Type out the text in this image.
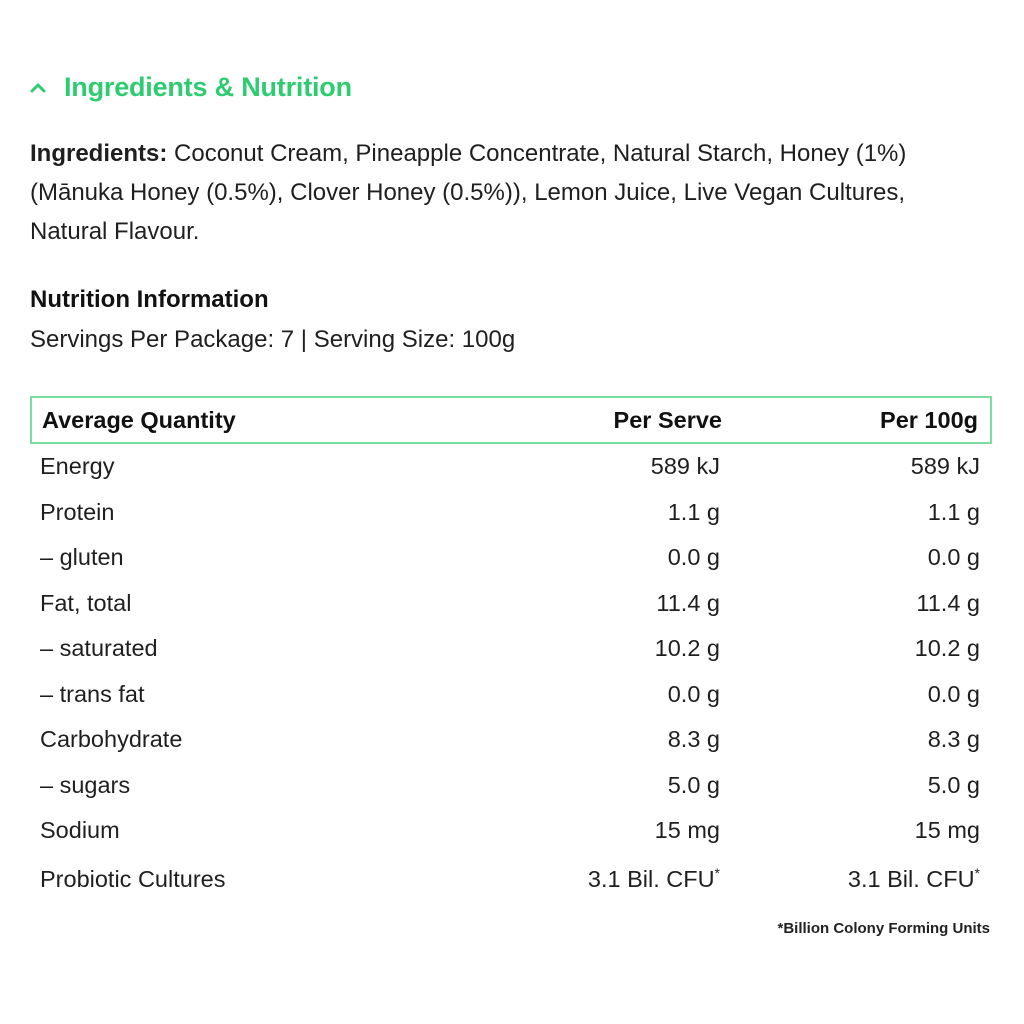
Ingredients & Nutrition
Ingredients: Coconut Cream, Pineapple Concentrate, Natural Starch, Honey (1%) (Mānuka Honey (0.5%), Clover Honey (0.5%)), Lemon Juice, Live Vegan Cultures, Natural Flavour.
Nutrition Information
Servings Per Package: 7 | Serving Size: 100g
Average Quantity	Per Serve	Per 100g
Energy	589 kJ	589 kJ
Protein	1.1 g	1.1 g
– gluten	0.0 g	0.0 g
Fat, total	11.4 g	11.4 g
– saturated	10.2 g	10.2 g
– trans fat	0.0 g	0.0 g
Carbohydrate	8.3 g	8.3 g
– sugars	5.0 g	5.0 g
Sodium	15 mg	15 mg
Probiotic Cultures	3.1 Bil. CFU*	3.1 Bil. CFU*
*Billion Colony Forming Units
